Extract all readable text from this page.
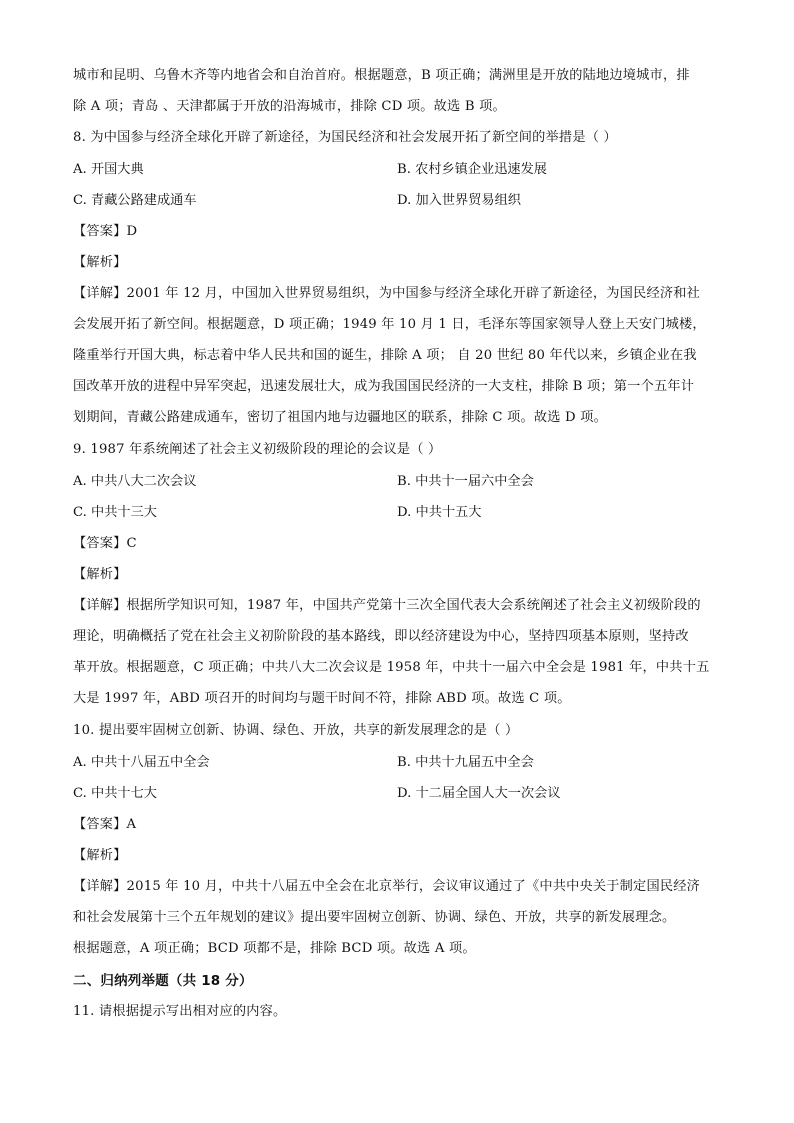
城市和昆明、乌鲁木齐等内地省会和自治首府。根据题意，B 项正确；满洲里是开放的陆地边境城市，排
除 A 项；青岛 、天津都属于开放的沿海城市，排除 CD 项。故选 B 项。
8. 为中国参与经济全球化开辟了新途径，为国民经济和社会发展开拓了新空间的举措是（ ）
A. 开国大典	B. 农村乡镇企业迅速发展
C. 青藏公路建成通车	D. 加入世界贸易组织
【答案】D
【解析】
【详解】2001 年 12 月，中国加入世界贸易组织，为中国参与经济全球化开辟了新途径，为国民经济和社
会发展开拓了新空间。根据题意，D 项正确；1949 年 10 月 1 日，毛泽东等国家领导人登上天安门城楼，
隆重举行开国大典，标志着中华人民共和国的诞生，排除 A 项； 自 20 世纪 80 年代以来，乡镇企业在我
国改革开放的进程中异军突起，迅速发展壮大，成为我国国民经济的一大支柱，排除 B 项；第一个五年计
划期间，青藏公路建成通车，密切了祖国内地与边疆地区的联系，排除 C 项。故选 D 项。
9. 1987 年系统阐述了社会主义初级阶段的理论的会议是（ ）
A. 中共八大二次会议	B. 中共十一届六中全会
C. 中共十三大	D. 中共十五大
【答案】C
【解析】
【详解】根据所学知识可知，1987 年，中国共产党第十三次全国代表大会系统阐述了社会主义初级阶段的
理论，明确概括了党在社会主义初阶阶段的基本路线，即以经济建设为中心，坚持四项基本原则，坚持改
革开放。根据题意，C 项正确；中共八大二次会议是 1958 年，中共十一届六中全会是 1981 年，中共十五
大是 1997 年，ABD 项召开的时间均与题干时间不符，排除 ABD 项。故选 C 项。
10. 提出要牢固树立创新、协调、绿色、开放，共享的新发展理念的是（ ）
A. 中共十八届五中全会	B. 中共十九届五中全会
C. 中共十七大	D. 十二届全国人大一次会议
【答案】A
【解析】
【详解】2015 年 10 月，中共十八届五中全会在北京举行，会议审议通过了《中共中央关于制定国民经济
和社会发展第十三个五年规划的建议》提出要牢固树立创新、协调、绿色、开放，共享的新发展理念。
根据题意，A 项正确；BCD 项都不是，排除 BCD 项。故选 A 项。
二、归纳列举题（共 18 分）
11. 请根据提示写出相对应的内容。
